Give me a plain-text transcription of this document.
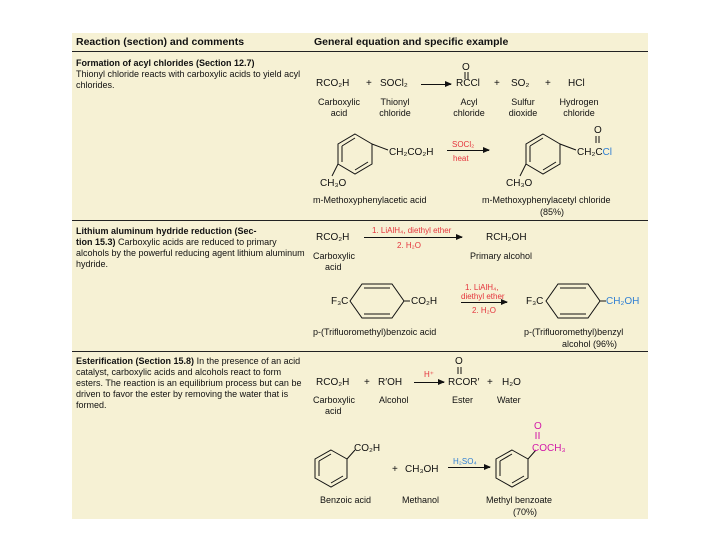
Reaction (section) and comments	General equation and specific example
Formation of acyl chlorides (Section 12.7)
Thionyl chloride reacts with carboxylic acids to yield acyl chlorides.	RCO₂H + SOCl₂ →
O
RCCl + SO₂ + HCl
Carboxylic
acid
Thionyl
chloride
Acyl
chloride
Sulfur
dioxide
Hydrogen
chloride
CH₂CO₂H
CH₃O
SOCl₂
heat
O
CH₂CCl
CH₃O
m-Methoxyphenylacetic acid	m-Methoxyphenylacetyl chloride
(85%)
Lithium aluminum hydride reduction (Sec-
tion 15.3) Carboxylic acids are reduced to primary alcohols by the powerful reducing agent lithium aluminum hydride.
RCO₂H
1. LiAlH₄, diethyl ether
2. H₂O
RCH₂OH
Carboxylic
acid
Primary alcohol
F₃C	CO₂H
1. LiAlH₄,
diethyl ether
2. H₂O
F₃C	CH₂OH
p-(Trifluoromethyl)benzoic acid	p-(Trifluoromethyl)benzyl
alcohol (96%)
Esterification (Section 15.8) In the presence of an acid catalyst, carboxylic acids and alcohols react to form esters. The reaction is an equilibrium process but can be driven to favor the ester by removing the water that is formed.
RCO₂H + R′OH
H⁺
O
RCOR′ + H₂O
Carboxylic
acid
Alcohol	Ester	Water
CO₂H
+ CH₃OH
H₂SO₄
O
COCH₃
Benzoic acid	Methanol	Methyl benzoate
(70%)
